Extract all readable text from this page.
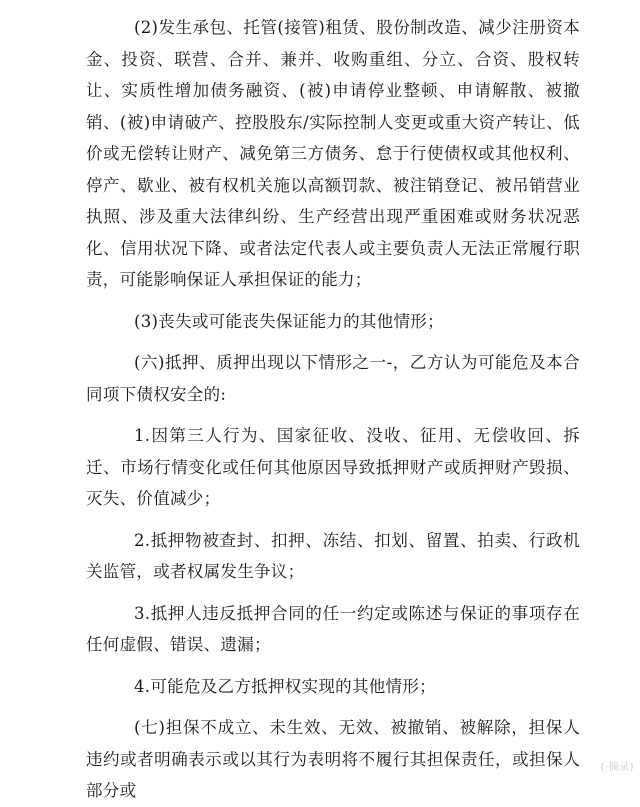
(2)发生承包、托管(接管)租赁、股份制改造、减少注册资本金、投资、联营、合并、兼并、收购重组、分立、合资、股权转让、实质性增加债务融资、(被)申请停业整顿、申请解散、被撤销、(被)申请破产、控股股东/实际控制人变更或重大资产转让、低价或无偿转让财产、减免第三方债务、怠于行使债权或其他权利、停产、歇业、被有权机关施以高额罚款、被注销登记、被吊销营业执照、涉及重大法律纠纷、生产经营出现严重困难或财务状况恶化、信用状况下降、或者法定代表人或主要负责人无法正常履行职责，可能影响保证人承担保证的能力；

(3)丧失或可能丧失保证能力的其他情形；

(六)抵押、质押出现以下情形之一-，乙方认为可能危及本合同项下债权安全的:

1.因第三人行为、国家征收、没收、征用、无偿收回、拆迁、市场行情变化或任何其他原因导致抵押财产或质押财产毁损、灭失、价值减少；

2.抵押物被查封、扣押、冻结、扣划、留置、拍卖、行政机关监管，或者权属发生争议；

3.抵押人违反抵押合同的任一约定或陈述与保证的事项存在任何虚假、错误、遗漏；

4.可能危及乙方抵押权实现的其他情形；

(七)担保不成立、未生效、无效、被撤销、被解除，担保人违约或者明确表示或以其行为表明将不履行其担保责任，或担保人部分或

(·摘录)
